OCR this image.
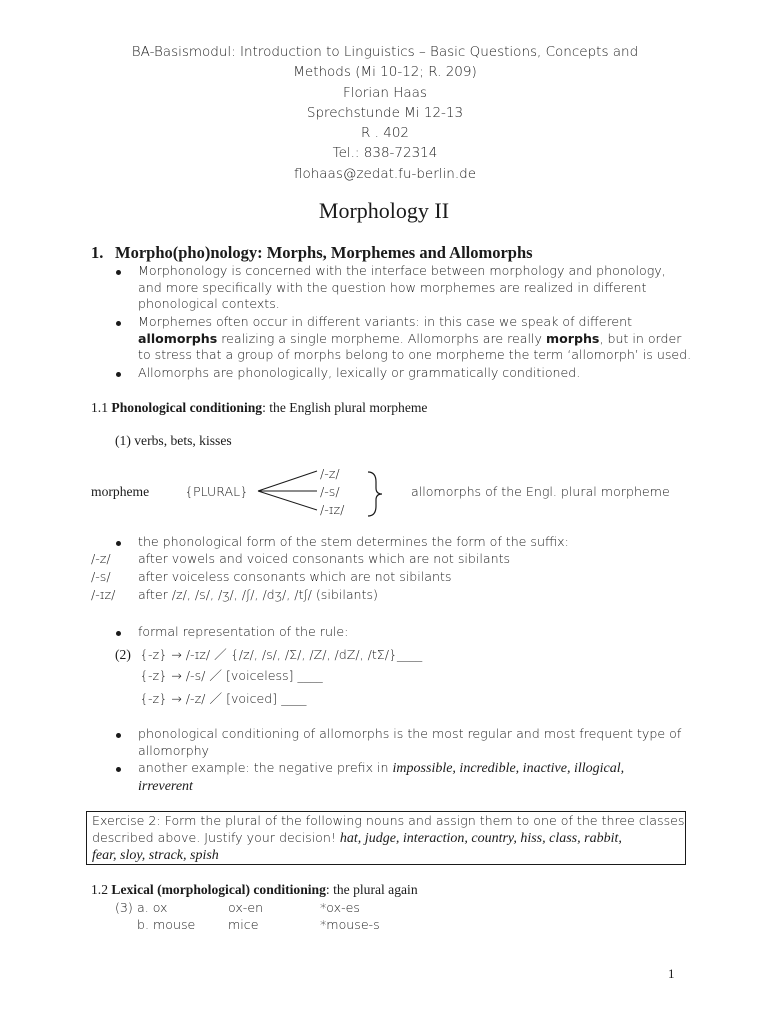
BA-Basismodul: Introduction to Linguistics – Basic Questions, Concepts and
Methods (Mi 10-12; R. 209)
Florian Haas
Sprechstunde Mi 12-13
R . 402
Tel.: 838-72314
flohaas@zedat.fu-berlin.de
Morphology II
1. Morpho(pho)nology: Morphs, Morphemes and Allomorphs
Morphonology is concerned with the interface between morphology and phonology,
and more specifically with the question how morphemes are realized in different
phonological contexts.
Morphemes often occur in different variants: in this case we speak of different
allomorphs realizing a single morpheme. Allomorphs are really morphs, but in order
to stress that a group of morphs belong to one morpheme the term ‘allomorph’ is used.
Allomorphs are phonologically, lexically or grammatically conditioned.
1.1 Phonological conditioning: the English plural morpheme
(1) verbs, bets, kisses
morpheme	{PLURAL}
/-z/
/-s/
/-ɪz/
allomorphs of the Engl. plural morpheme
the phonological form of the stem determines the form of the suffix:
/-z/ after vowels and voiced consonants which are not sibilants
/-s/ after voiceless consonants which are not sibilants
/-ɪz/ after /z/, /s/, /ʒ/, /ʃ/, /dʒ/, /tʃ/ (sibilants)
formal representation of the rule:
(2) {-z} → /-ɪz/ ／ {/z/, /s/, /Σ/, /Z/, /dZ/, /tΣ/}____
{-z} → /-s/ ／ [voiceless] ____
{-z} → /-z/ ／ [voiced] ____
phonological conditioning of allomorphs is the most regular and most frequent type of
allomorphy
another example: the negative prefix in impossible, incredible, inactive, illogical,
irreverent
Exercise 2: Form the plural of the following nouns and assign them to one of the three classes
described above. Justify your decision! hat, judge, interaction, country, hiss, class, rabbit,
fear, sloy, strack, spish
1.2 Lexical (morphological) conditioning: the plural again
(3) a. ox	ox-en	*ox-es
b. mouse	mice	*mouse-s
1
